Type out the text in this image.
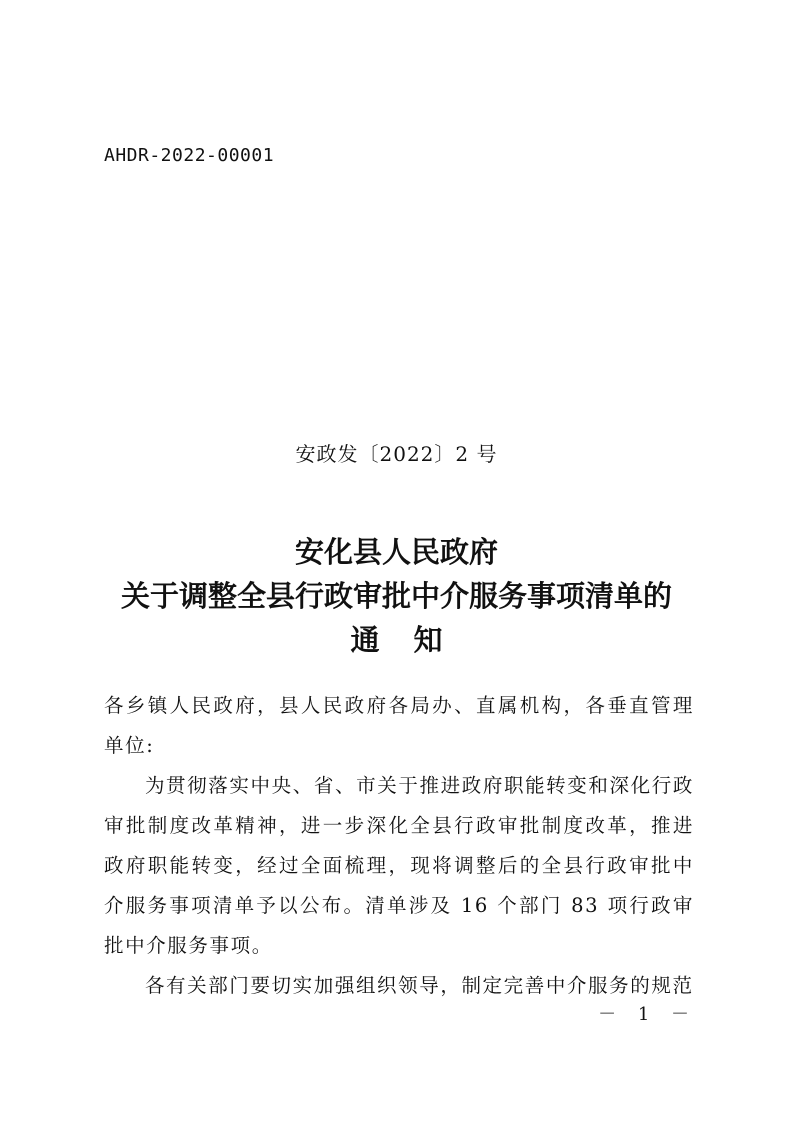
AHDR-2022-00001
安政发〔2022〕2 号
安化县人民政府
关于调整全县行政审批中介服务事项清单的
通知

各乡镇人民政府，县人民政府各局办、直属机构，各垂直管理单位:

为贯彻落实中央、省、市关于推进政府职能转变和深化行政审批制度改革精神，进一步深化全县行政审批制度改革，推进政府职能转变，经过全面梳理，现将调整后的全县行政审批中介服务事项清单予以公布。清单涉及 16 个部门 83 项行政审批中介服务事项。

各有关部门要切实加强组织领导，制定完善中介服务的规范

－ 1 －
